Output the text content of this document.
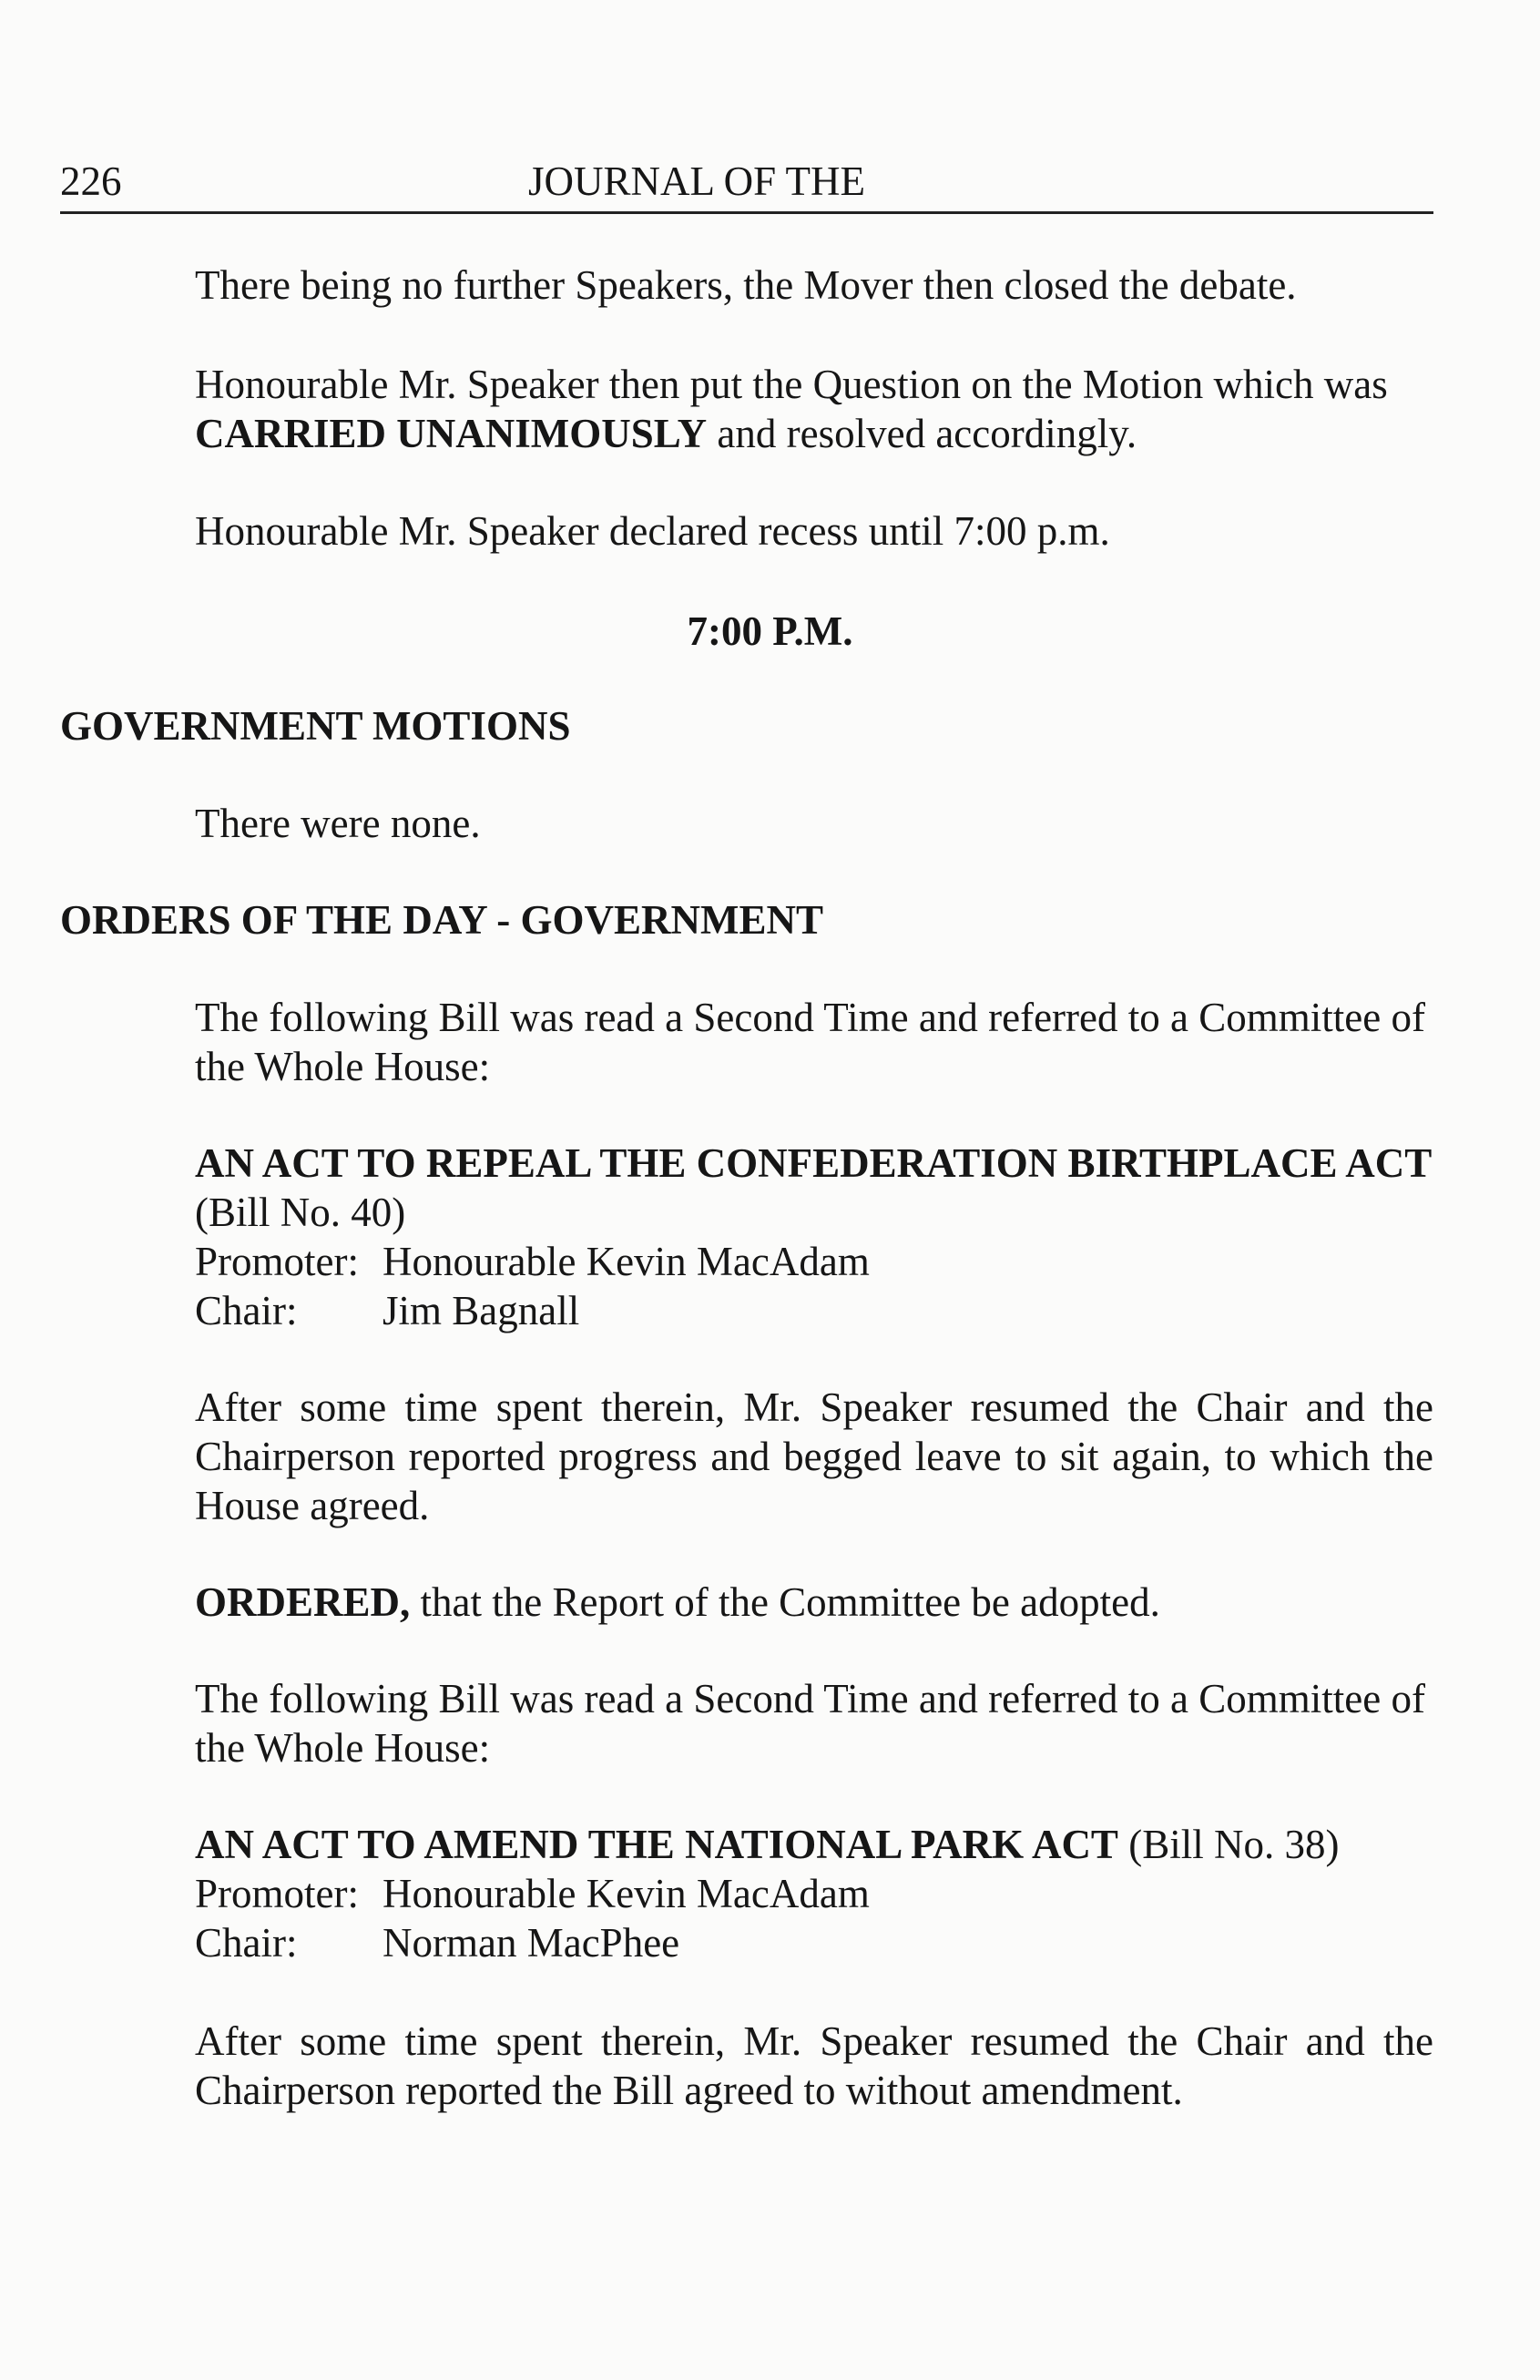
226	JOURNAL OF THE

There being no further Speakers, the Mover then closed the debate.

Honourable Mr. Speaker then put the Question on the Motion which was CARRIED UNANIMOUSLY and resolved accordingly.

Honourable Mr. Speaker declared recess until 7:00 p.m.

7:00 P.M.

GOVERNMENT MOTIONS

There were none.

ORDERS OF THE DAY - GOVERNMENT

The following Bill was read a Second Time and referred to a Committee of the Whole House:

AN ACT TO REPEAL THE CONFEDERATION BIRTHPLACE ACT
(Bill No. 40)
Promoter: Honourable Kevin MacAdam
Chair: Jim Bagnall

After some time spent therein, Mr. Speaker resumed the Chair and the Chairperson reported progress and begged leave to sit again, to which the House agreed.

ORDERED, that the Report of the Committee be adopted.

The following Bill was read a Second Time and referred to a Committee of the Whole House:

AN ACT TO AMEND THE NATIONAL PARK ACT (Bill No. 38)
Promoter: Honourable Kevin MacAdam
Chair: Norman MacPhee

After some time spent therein, Mr. Speaker resumed the Chair and the Chairperson reported the Bill agreed to without amendment.
